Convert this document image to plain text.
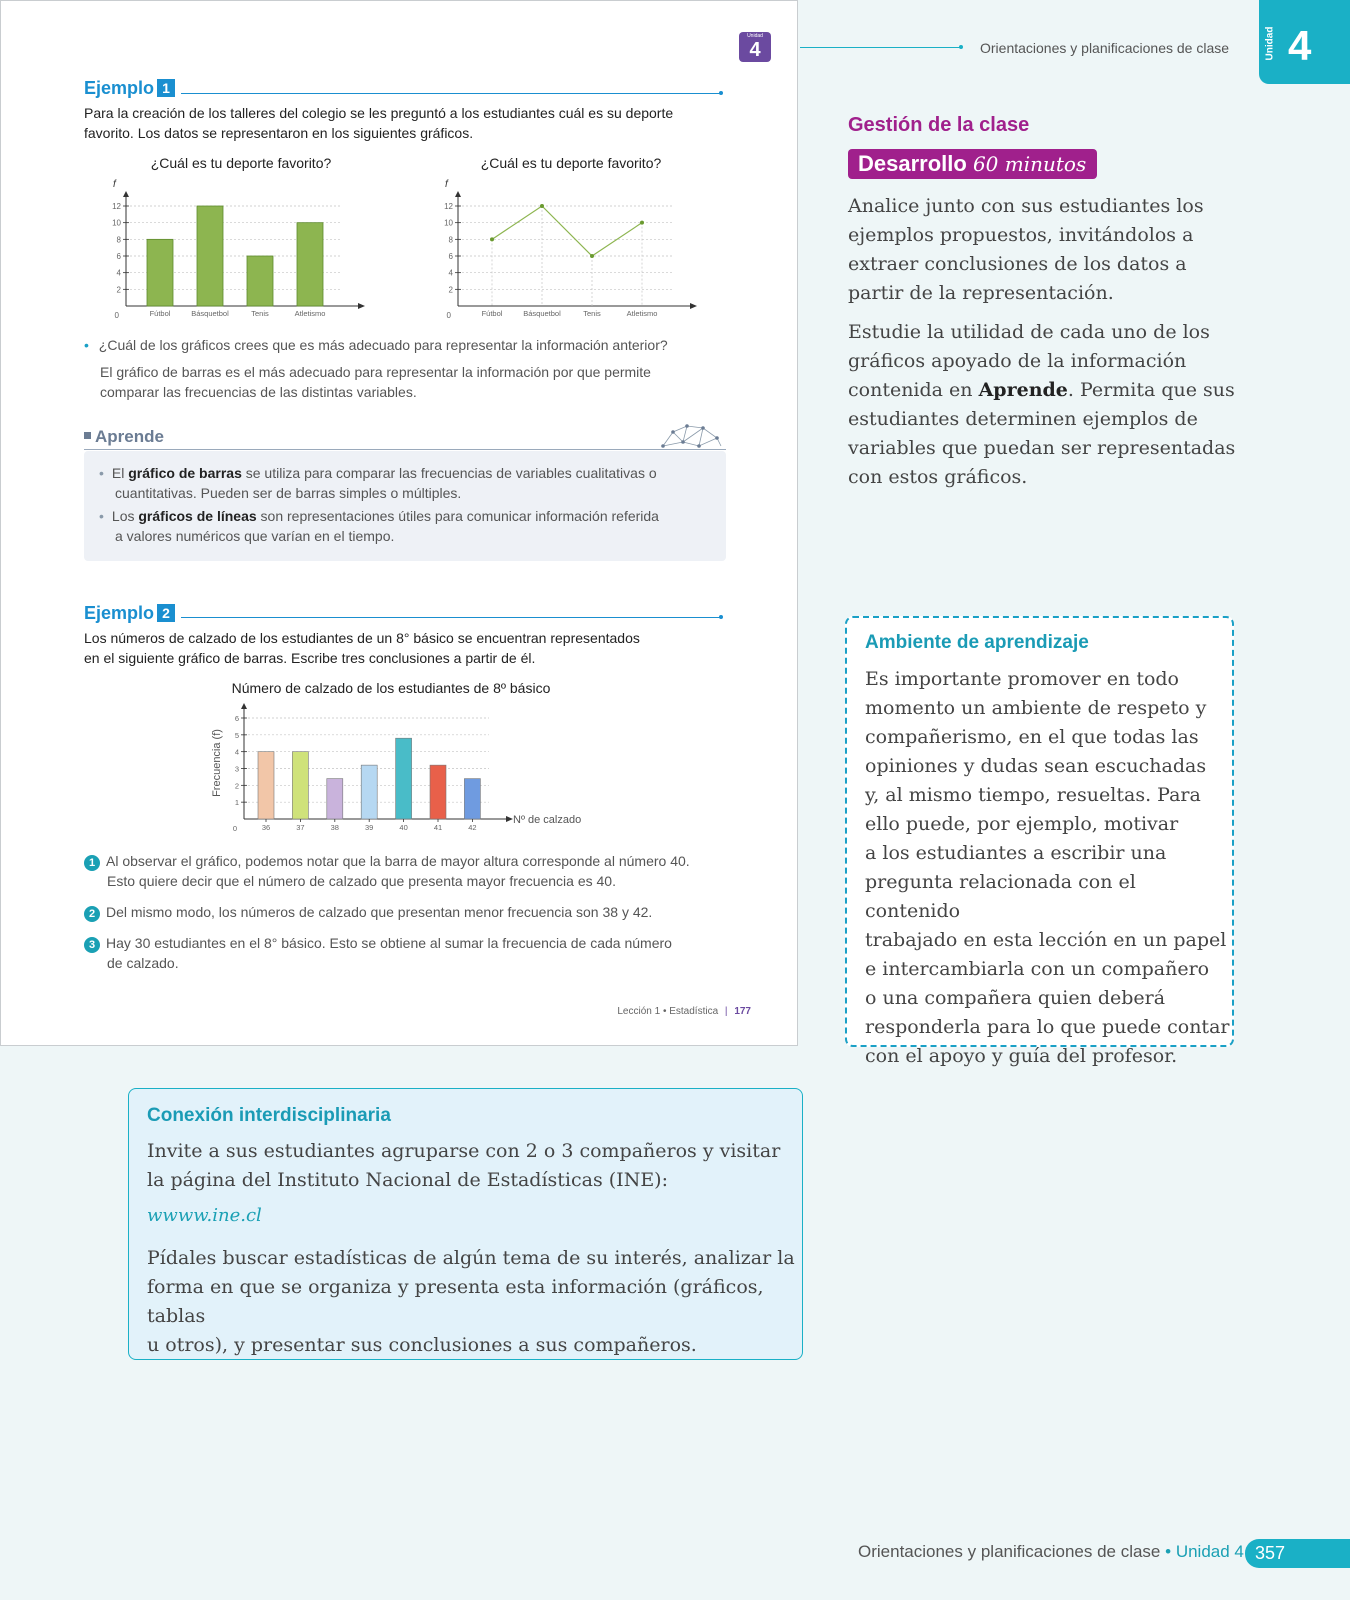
Unidad
4
Ejemplo 1
Para la creación de los talleres del colegio se les preguntó a los estudiantes cuál es su deporte
favorito. Los datos se representaron en los siguientes gráficos.
¿Cuál es tu deporte favorito?
2
4
6
8
10
12
0
f
Fútbol	Básquetbol	Tenis	Atletismo
¿Cuál es tu deporte favorito?
2
4
6
8
10
12
0
f
Fútbol	Básquetbol	Tenis	Atletismo
• ¿Cuál de los gráficos crees que es más adecuado para representar la información anterior?
El gráfico de barras es el más adecuado para representar la información por que permite
comparar las frecuencias de las distintas variables.
Aprende
• El gráfico de barras se utiliza para comparar las frecuencias de variables cualitativas o
cuantitativas. Pueden ser de barras simples o múltiples.
• Los gráficos de líneas son representaciones útiles para comunicar información referida
a valores numéricos que varían en el tiempo.
Ejemplo 2
Los números de calzado de los estudiantes de un 8° básico se encuentran representados
en el siguiente gráfico de barras. Escribe tres conclusiones a partir de él.
Número de calzado de los estudiantes de 8º básico
1
2
3
4
5
6
0
Frecuencia (f)
Nº de calzado
36	37	38	39	40	41	42
1 Al observar el gráfico, podemos notar que la barra de mayor altura corresponde al número 40.
Esto quiere decir que el número de calzado que presenta mayor frecuencia es 40.
2 Del mismo modo, los números de calzado que presentan menor frecuencia son 38 y 42.
3 Hay 30 estudiantes en el 8° básico. Esto se obtiene al sumar la frecuencia de cada número
de calzado.
Lección 1 • Estadística | 177
Orientaciones y planificaciones de clase	Unidad 4
Gestión de la clase
Desarrollo 60 minutos
Analice junto con sus estudiantes los
ejemplos propuestos, invitándolos a
extraer conclusiones de los datos a
partir de la representación.
Estudie la utilidad de cada uno de los
gráficos apoyado de la información
contenida en Aprende. Permita que sus
estudiantes determinen ejemplos de
variables que puedan ser representadas
con estos gráficos.
Ambiente de aprendizaje
Es importante promover en todo
momento un ambiente de respeto y
compañerismo, en el que todas las
opiniones y dudas sean escuchadas
y, al mismo tiempo, resueltas. Para
ello puede, por ejemplo, motivar
a los estudiantes a escribir una
pregunta relacionada con el contenido
trabajado en esta lección en un papel
e intercambiarla con un compañero
o una compañera quien deberá
responderla para lo que puede contar
con el apoyo y guía del profesor.
Conexión interdisciplinaria
Invite a sus estudiantes agruparse con 2 o 3 compañeros y visitar
la página del Instituto Nacional de Estadísticas (INE):
wwww.ine.cl
Pídales buscar estadísticas de algún tema de su interés, analizar la
forma en que se organiza y presenta esta información (gráficos, tablas
u otros), y presentar sus conclusiones a sus compañeros.
Orientaciones y planificaciones de clase • Unidad 4 357
